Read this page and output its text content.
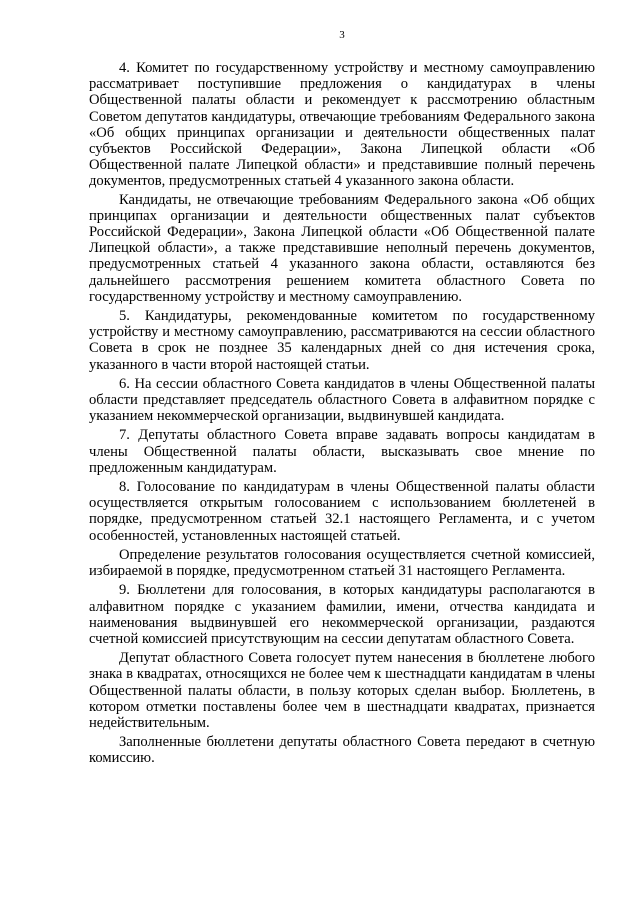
3

4. Комитет по государственному устройству и местному самоуправлению рассматривает поступившие предложения о кандидатурах в члены Общественной палаты области и рекомендует к рассмотрению областным Советом депутатов кандидатуры, отвечающие требованиям Федерального закона «Об общих принципах организации и деятельности общественных палат субъектов Российской Федерации», Закона Липецкой области «Об Общественной палате Липецкой области» и представившие полный перечень документов, предусмотренных статьей 4 указанного закона области.

Кандидаты, не отвечающие требованиям Федерального закона «Об общих принципах организации и деятельности общественных палат субъектов Российской Федерации», Закона Липецкой области «Об Общественной палате Липецкой области», а также представившие неполный перечень документов, предусмотренных статьей 4 указанного закона области, оставляются без дальнейшего рассмотрения решением комитета областного Совета по государственному устройству и местному самоуправлению.

5. Кандидатуры, рекомендованные комитетом по государственному устройству и местному самоуправлению, рассматриваются на сессии областного Совета в срок не позднее 35 календарных дней со дня истечения срока, указанного в части второй настоящей статьи.

6. На сессии областного Совета кандидатов в члены Общественной палаты области представляет председатель областного Совета в алфавитном порядке с указанием некоммерческой организации, выдвинувшей кандидата.

7. Депутаты областного Совета вправе задавать вопросы кандидатам в члены Общественной палаты области, высказывать свое мнение по предложенным кандидатурам.

8. Голосование по кандидатурам в члены Общественной палаты области осуществляется открытым голосованием с использованием бюллетеней в порядке, предусмотренном статьей 32.1 настоящего Регламента, и с учетом особенностей, установленных настоящей статьей.

Определение результатов голосования осуществляется счетной комиссией, избираемой в порядке, предусмотренном статьей 31 настоящего Регламента.

9. Бюллетени для голосования, в которых кандидатуры располагаются в алфавитном порядке с указанием фамилии, имени, отчества кандидата и наименования выдвинувшей его некоммерческой организации, раздаются счетной комиссией присутствующим на сессии депутатам областного Совета.

Депутат областного Совета голосует путем нанесения в бюллетене любого знака в квадратах, относящихся не более чем к шестнадцати кандидатам в члены Общественной палаты области, в пользу которых сделан выбор. Бюллетень, в котором отметки поставлены более чем в шестнадцати квадратах, признается недействительным.

Заполненные бюллетени депутаты областного Совета передают в счетную комиссию.
